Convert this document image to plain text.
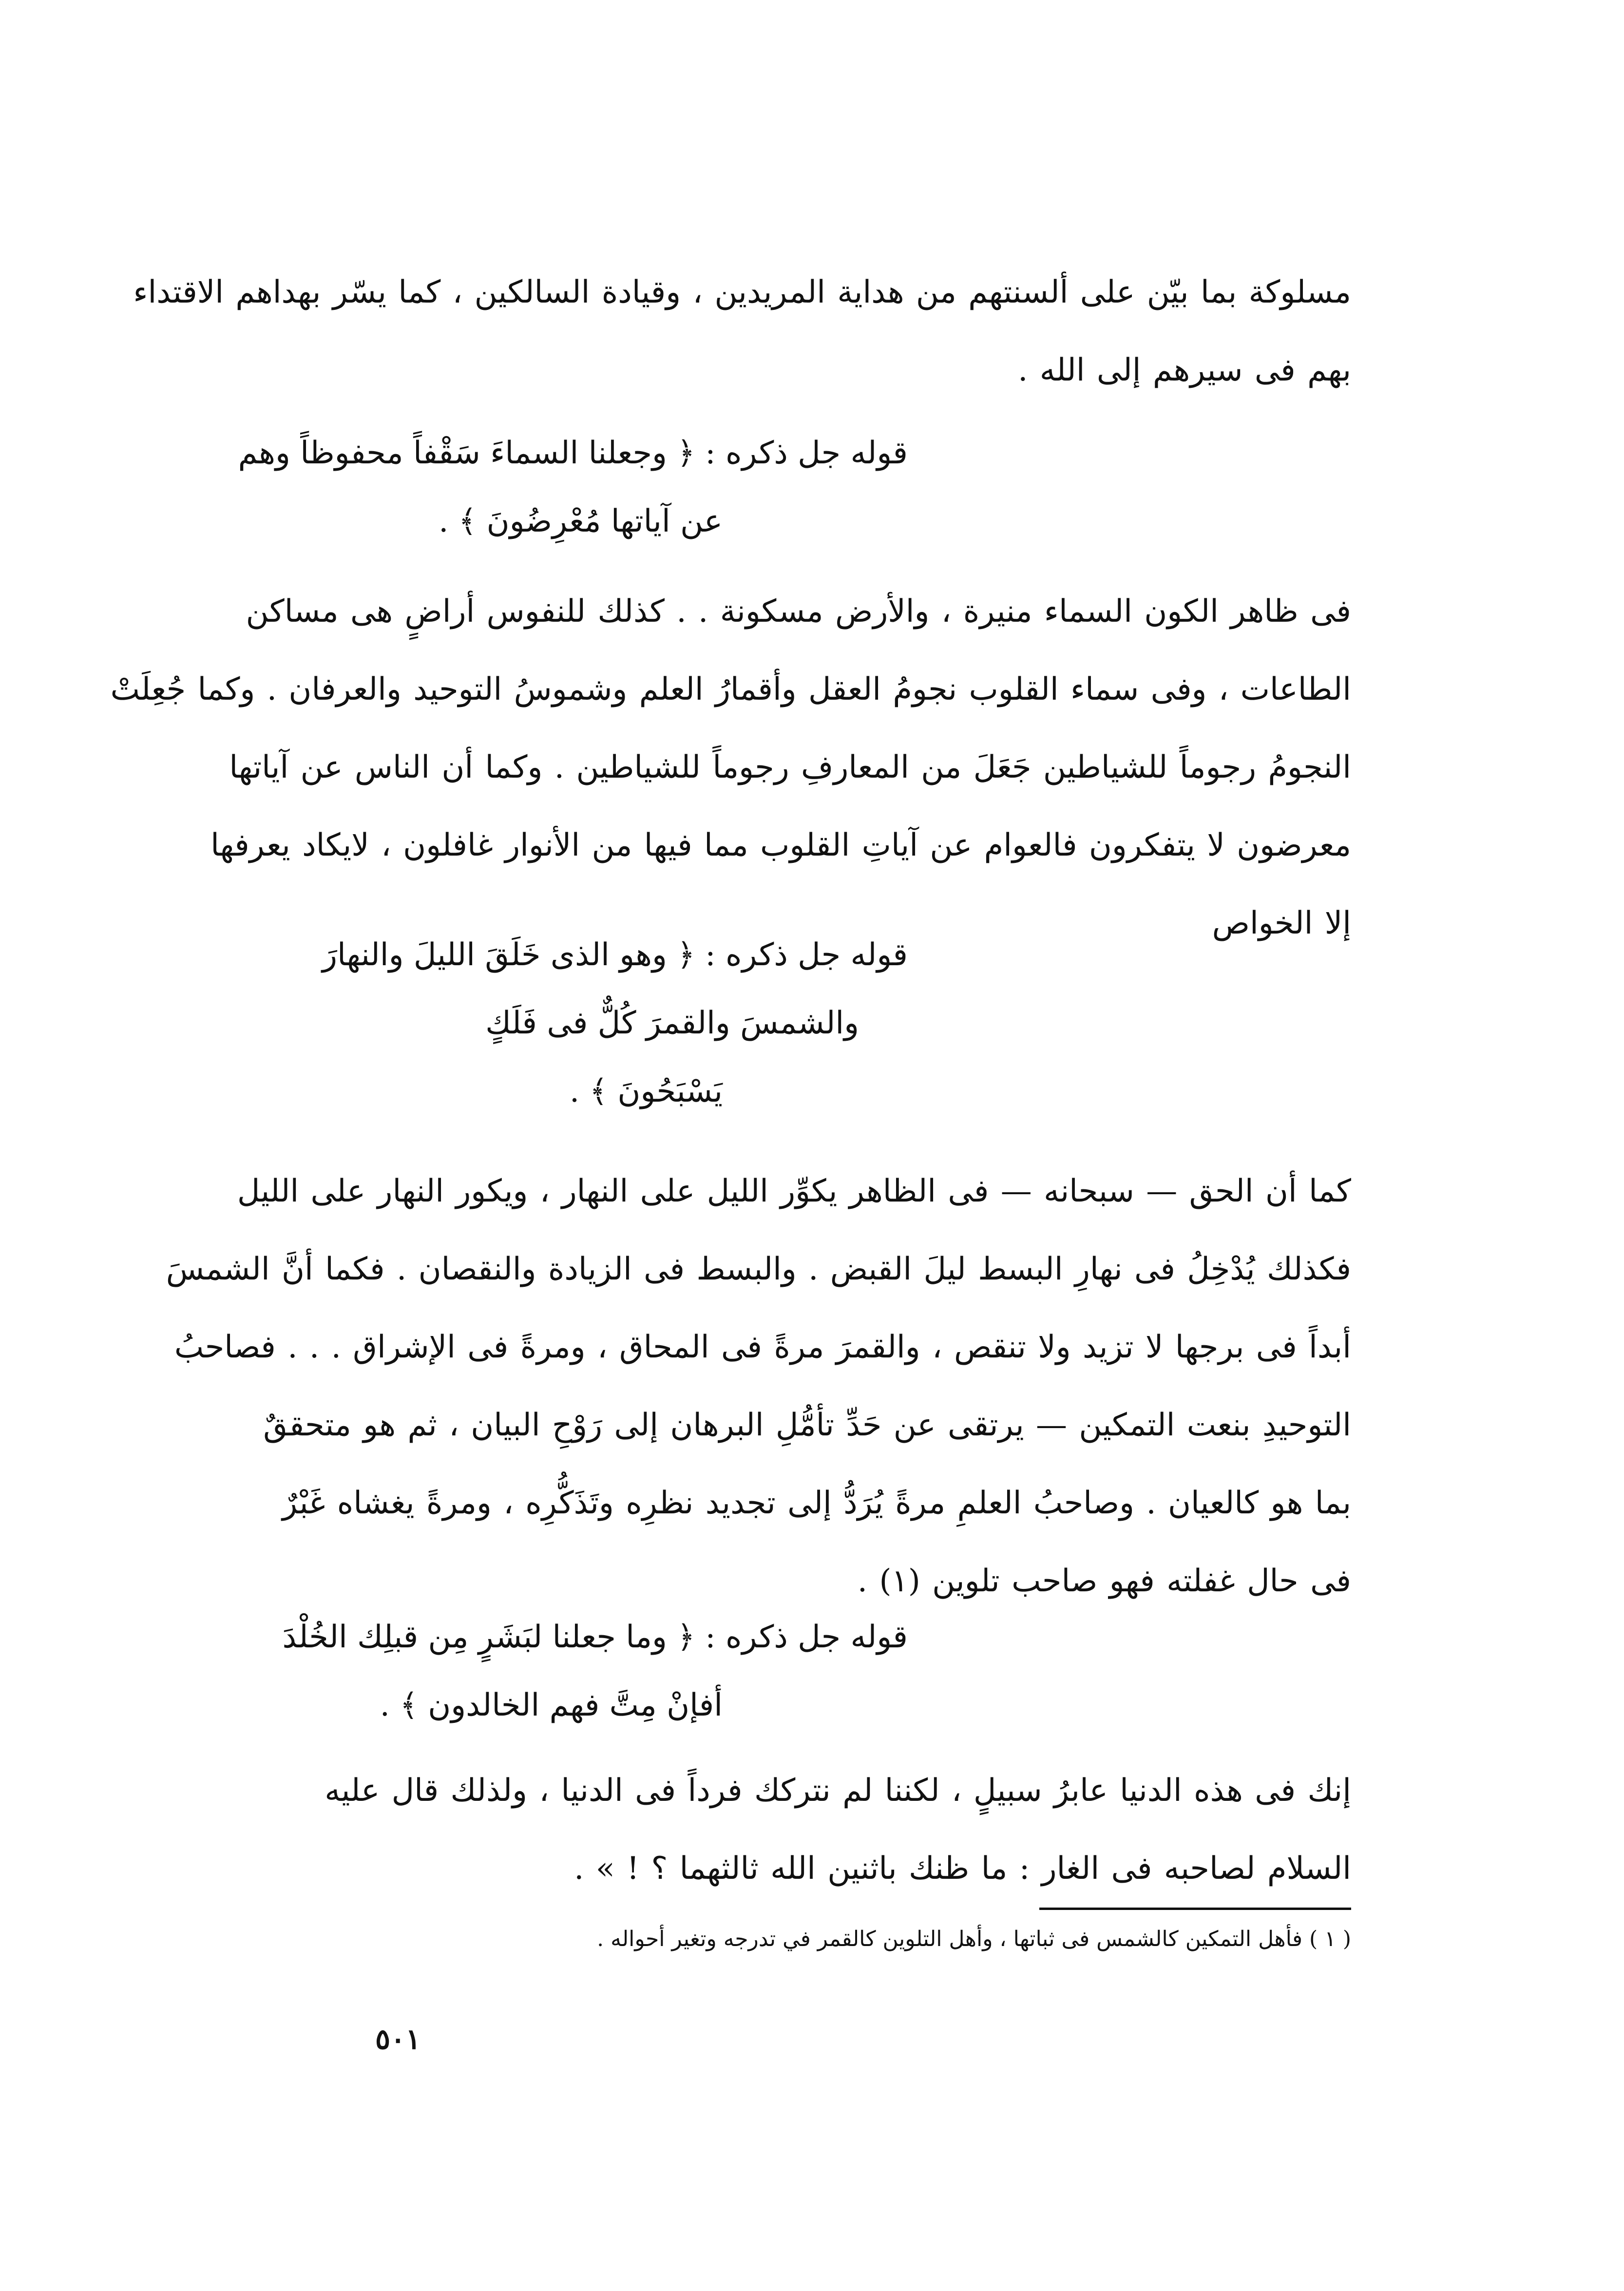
مسلوكة بما بيّن على ألسنتهم من هداية المريدين ، وقيادة السالكين ، كما يسّر بهداهم الاقتداء
بهم فى سيرهم إلى الله .
قوله جل ذكره : ﴿ وجعلنا السماءَ سَقْفاً محفوظاً وهم
عن آياتها مُعْرِضُونَ ﴾ .
فى ظاهر الكون السماء منيرة ، والأرض مسكونة . . كذلك للنفوس أراضٍ هى مساكن
الطاعات ، وفى سماء القلوب نجومُ العقل وأقمارُ العلم وشموسُ التوحيد والعرفان . وكما جُعِلَتْ
النجومُ رجوماً للشياطين جَعَلَ من المعارفِ رجوماً للشياطين . وكما أن الناس عن آياتها
معرضون لا يتفكرون فالعوام عن آياتِ القلوب مما فيها من الأنوار غافلون ، لايكاد يعرفها
إلا الخواص
قوله جل ذكره : ﴿ وهو الذى خَلَقَ الليلَ والنهارَ
والشمسَ والقمرَ كُلٌّ فى فَلَكٍ
يَسْبَحُونَ ﴾ .
كما أن الحق — سبحانه — فى الظاهر يكوِّر الليل على النهار ، ويكور النهار على الليل
فكذلك يُدْخِلُ فى نهارِ البسط ليلَ القبض . والبسط فى الزيادة والنقصان . فكما أنَّ الشمسَ
أبداً فى برجها لا تزيد ولا تنقص ، والقمرَ مرةً فى المحاق ، ومرةً فى الإشراق . . . فصاحبُ
التوحيدِ بنعت التمكين — يرتقى عن حَدِّ تأمُّلِ البرهان إلى رَوْحِ البيان ، ثم هو متحققٌ
بما هو كالعيان . وصاحبُ العلمِ مرةً يُرَدُّ إلى تجديد نظرِه وتَذَكُّرِه ، ومرةً يغشاه غَبْرٌ
فى حال غفلته فهو صاحب تلوين (١) .
قوله جل ذكره : ﴿ وما جعلنا لبَشَرٍ مِن قبلِك الخُلْدَ
أفإنْ مِتَّ فهم الخالدون ﴾ .
إنك فى هذه الدنيا عابرُ سبيلٍ ، لكننا لم نتركك فرداً فى الدنيا ، ولذلك قال عليه
السلام لصاحبه فى الغار : ما ظنك باثنين الله ثالثهما ؟ ! » .
( ١ ) فأهل التمكين كالشمس فى ثباتها ، وأهل التلوين كالقمر في تدرجه وتغير أحواله .
٥٠١
